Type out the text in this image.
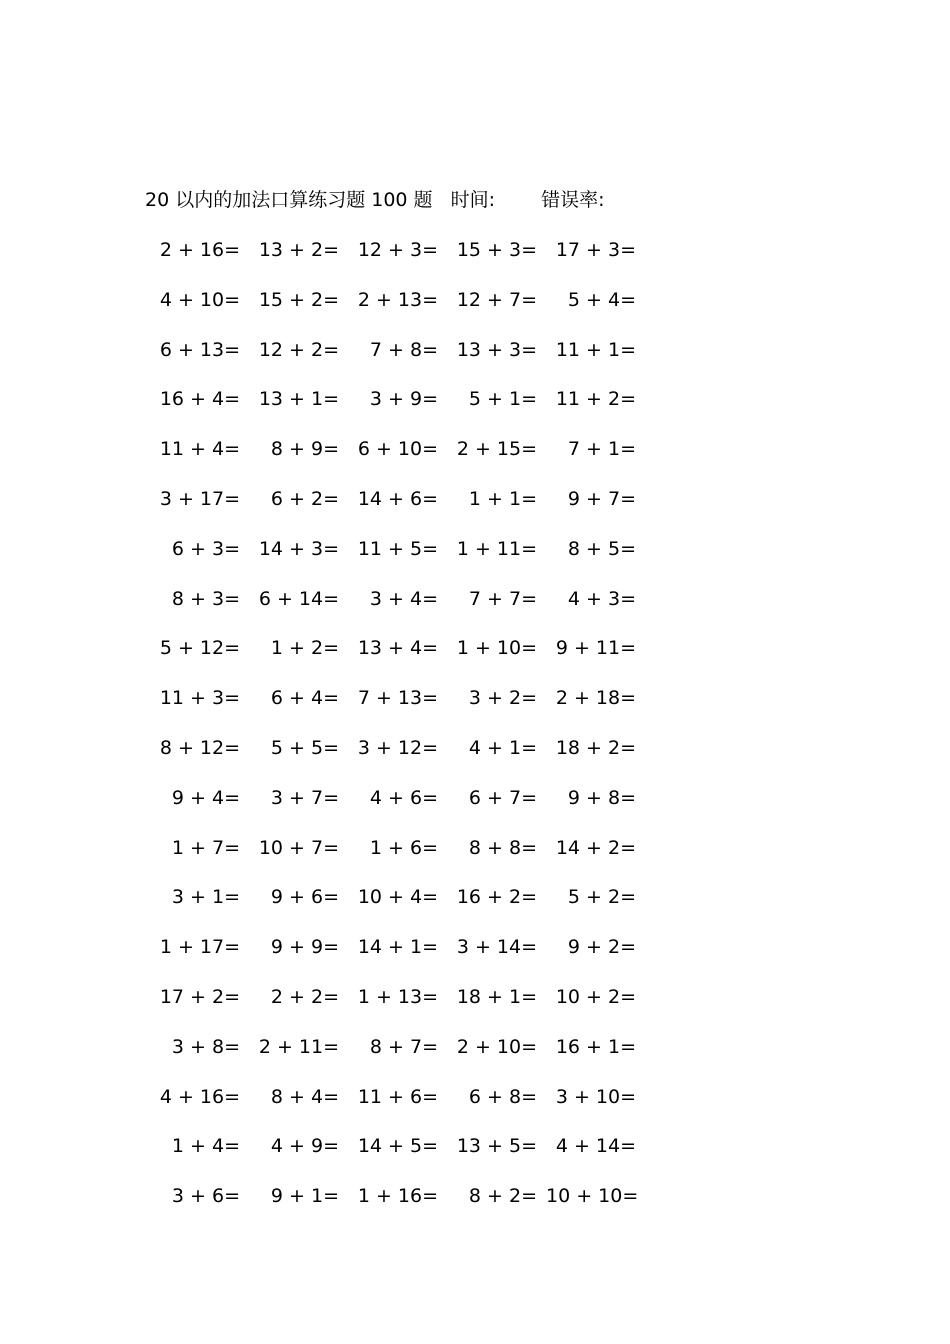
20 以内的加法口算练习题 100 题 时间: 错误率:
2 + 16= 13 + 2= 12 + 3= 15 + 3= 17 + 3=
4 + 10= 15 + 2= 2 + 13= 12 + 7=	5 + 4=
6 + 13= 12 + 2=	7 + 8= 13 + 3= 11 + 1=
16 + 4= 13 + 1=	3 + 9=	5 + 1= 11 + 2=
11 + 4=	8 + 9= 6 + 10= 2 + 15=	7 + 1=
3 + 17=	6 + 2= 14 + 6=	1 + 1=	9 + 7=
6 + 3= 14 + 3= 11 + 5= 1 + 11=	8 + 5=
8 + 3= 6 + 14=	3 + 4=	7 + 7=	4 + 3=
5 + 12=	1 + 2= 13 + 4= 1 + 10= 9 + 11=
11 + 3=	6 + 4= 7 + 13=	3 + 2= 2 + 18=
8 + 12=	5 + 5= 3 + 12=	4 + 1= 18 + 2=
9 + 4=	3 + 7=	4 + 6=	6 + 7=	9 + 8=
1 + 7= 10 + 7=	1 + 6=	8 + 8= 14 + 2=
3 + 1=	9 + 6= 10 + 4= 16 + 2=	5 + 2=
1 + 17=	9 + 9= 14 + 1= 3 + 14=	9 + 2=
17 + 2=	2 + 2= 1 + 13= 18 + 1= 10 + 2=
3 + 8= 2 + 11=	8 + 7= 2 + 10= 16 + 1=
4 + 16=	8 + 4= 11 + 6=	6 + 8= 3 + 10=
1 + 4=	4 + 9= 14 + 5= 13 + 5= 4 + 14=
3 + 6=	9 + 1= 1 + 16=	8 + 2= 10 + 10=
